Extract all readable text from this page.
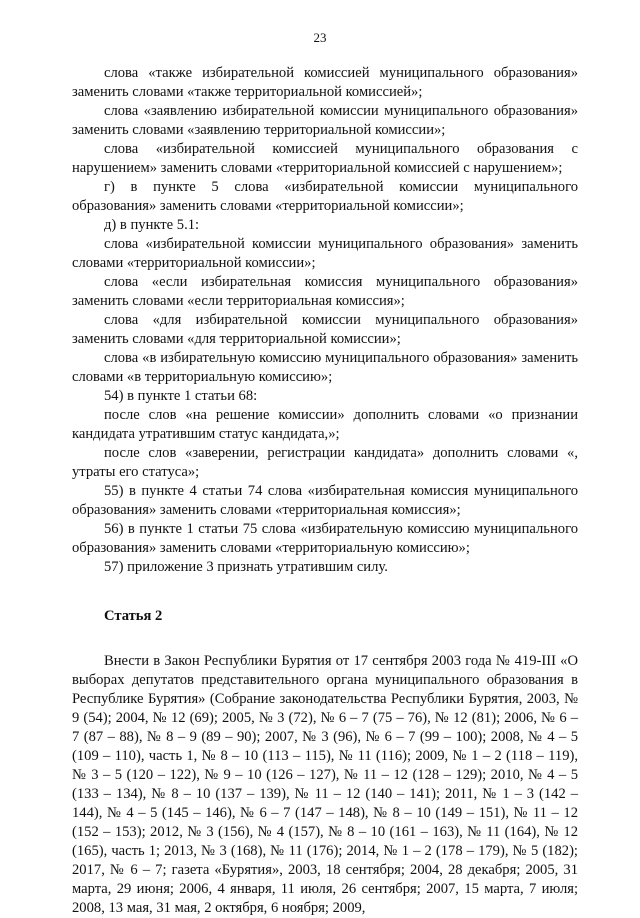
23

слова «также избирательной комиссией муниципального образования» заменить словами «также территориальной комиссией»;

слова «заявлению избирательной комиссии муниципального образования» заменить словами «заявлению территориальной комиссии»;

слова «избирательной комиссией муниципального образования с нарушением» заменить словами «территориальной комиссией с нарушением»;

г) в пункте 5 слова «избирательной комиссии муниципального образования» заменить словами «территориальной комиссии»;

д) в пункте 5.1:

слова «избирательной комиссии муниципального образования» заменить словами «территориальной комиссии»;

слова «если избирательная комиссия муниципального образования» заменить словами «если территориальная комиссия»;

слова «для избирательной комиссии муниципального образования» заменить словами «для территориальной комиссии»;

слова «в избирательную комиссию муниципального образования» заменить словами «в территориальную комиссию»;

54) в пункте 1 статьи 68:

после слов «на решение комиссии» дополнить словами «о признании кандидата утратившим статус кандидата,»;

после слов «заверении, регистрации кандидата» дополнить словами «, утраты его статуса»;

55) в пункте 4 статьи 74 слова «избирательная комиссия муниципального образования» заменить словами «территориальная комиссия»;

56) в пункте 1 статьи 75 слова «избирательную комиссию муниципального образования» заменить словами «территориальную комиссию»;

57) приложение 3 признать утратившим силу.

Статья 2

Внести в Закон Республики Бурятия от 17 сентября 2003 года № 419-III «О выборах депутатов представительного органа муниципального образования в Республике Бурятия» (Собрание законодательства Республики Бурятия, 2003, № 9 (54); 2004, № 12 (69); 2005, № 3 (72), № 6 – 7 (75 – 76), № 12 (81); 2006, № 6 – 7 (87 – 88), № 8 – 9 (89 – 90); 2007, № 3 (96), № 6 – 7 (99 – 100); 2008, № 4 – 5 (109 – 110), часть 1, № 8 – 10 (113 – 115), № 11 (116); 2009, № 1 – 2 (118 – 119), № 3 – 5 (120 – 122), № 9 – 10 (126 – 127), № 11 – 12 (128 – 129); 2010, № 4 – 5 (133 – 134), № 8 – 10 (137 – 139), № 11 – 12 (140 – 141); 2011, № 1 – 3 (142 – 144), № 4 – 5 (145 – 146), № 6 – 7 (147 – 148), № 8 – 10 (149 – 151), № 11 – 12 (152 – 153); 2012, № 3 (156), № 4 (157), № 8 – 10 (161 – 163), № 11 (164), № 12 (165), часть 1; 2013, № 3 (168), № 11 (176); 2014, № 1 – 2 (178 – 179), № 5 (182); 2017, № 6 – 7; газета «Бурятия», 2003, 18 сентября; 2004, 28 декабря; 2005, 31 марта, 29 июня; 2006, 4 января, 11 июля, 26 сентября; 2007, 15 марта, 7 июля; 2008, 13 мая, 31 мая, 2 октября, 6 ноября; 2009,
